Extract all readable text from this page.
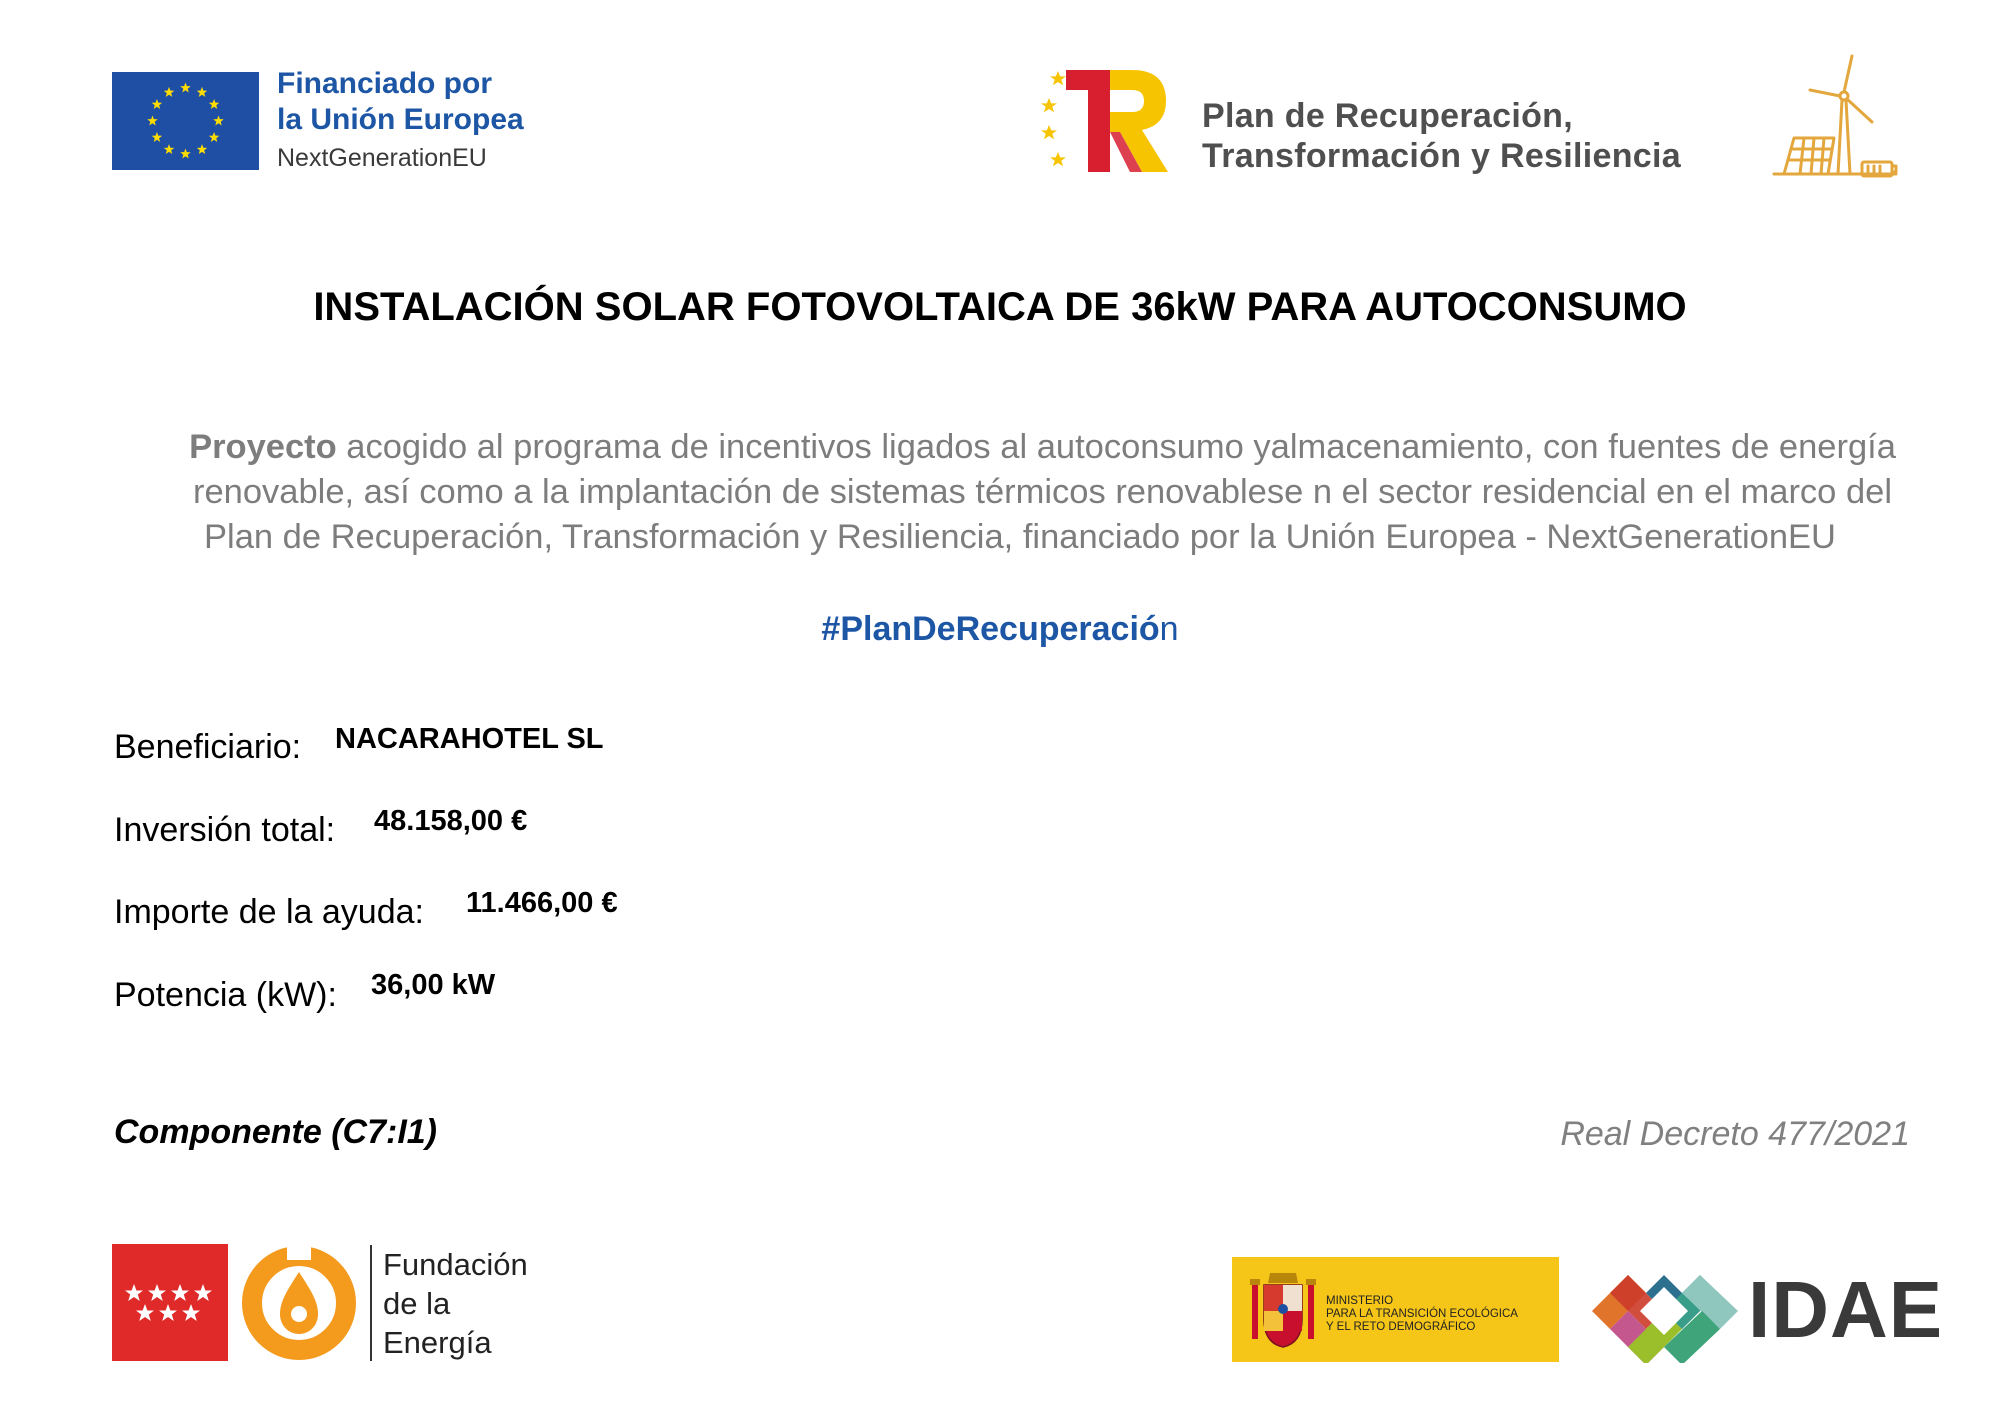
Financiado por
la Unión Europea
NextGenerationEU
Plan de Recuperación,
Transformación y Resiliencia
INSTALACIÓN SOLAR FOTOVOLTAICA DE 36kW PARA AUTOCONSUMO
Proyecto acogido al programa de incentivos ligados al autoconsumo yalmacenamiento, con fuentes de energía
renovable, así como a la implantación de sistemas térmicos renovablese n el sector residencial en el marco del
Plan de Recuperación, Transformación y Resiliencia, financiado por la Unión Europea - NextGenerationEU
#PlanDeRecuperación
Beneficiario: NACARAHOTEL SL
Inversión total: 48.158,00 €
Importe de la ayuda: 11.466,00 €
Potencia (kW): 36,00 kW
Componente (C7:I1)	Real Decreto 477/2021
Fundación
de la
Energía
MINISTERIO
PARA LA TRANSICIÓN ECOLÓGICA
Y EL RETO DEMOGRÁFICO	IDAE
